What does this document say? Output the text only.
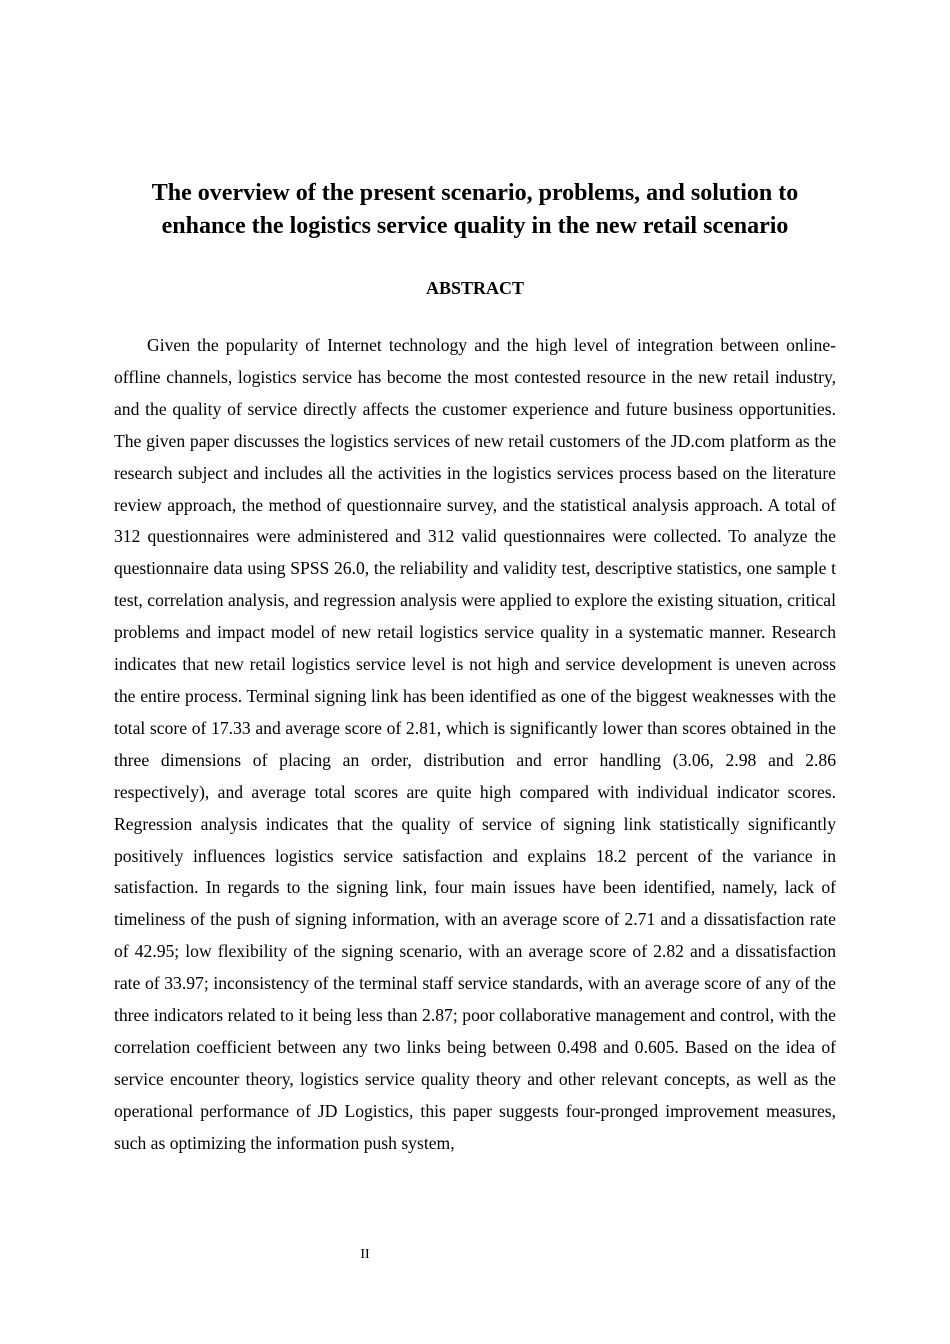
The overview of the present scenario, problems, and solution to enhance the logistics service quality in the new retail scenario
ABSTRACT

Given the popularity of Internet technology and the high level of integration between online-offline channels, logistics service has become the most contested resource in the new retail industry, and the quality of service directly affects the customer experience and future business opportunities. The given paper discusses the logistics services of new retail customers of the JD.com platform as the research subject and includes all the activities in the logistics services process based on the literature review approach, the method of questionnaire survey, and the statistical analysis approach. A total of 312 questionnaires were administered and 312 valid questionnaires were collected. To analyze the questionnaire data using SPSS 26.0, the reliability and validity test, descriptive statistics, one sample t test, correlation analysis, and regression analysis were applied to explore the existing situation, critical problems and impact model of new retail logistics service quality in a systematic manner. Research indicates that new retail logistics service level is not high and service development is uneven across the entire process. Terminal signing link has been identified as one of the biggest weaknesses with the total score of 17.33 and average score of 2.81, which is significantly lower than scores obtained in the three dimensions of placing an order, distribution and error handling (3.06, 2.98 and 2.86 respectively), and average total scores are quite high compared with individual indicator scores. Regression analysis indicates that the quality of service of signing link statistically significantly positively influences logistics service satisfaction and explains 18.2 percent of the variance in satisfaction. In regards to the signing link, four main issues have been identified, namely, lack of timeliness of the push of signing information, with an average score of 2.71 and a dissatisfaction rate of 42.95; low flexibility of the signing scenario, with an average score of 2.82 and a dissatisfaction rate of 33.97; inconsistency of the terminal staff service standards, with an average score of any of the three indicators related to it being less than 2.87; poor collaborative management and control, with the correlation coefficient between any two links being between 0.498 and 0.605. Based on the idea of service encounter theory, logistics service quality theory and other relevant concepts, as well as the operational performance of JD Logistics, this paper suggests four-pronged improvement measures, such as optimizing the information push system,

II
